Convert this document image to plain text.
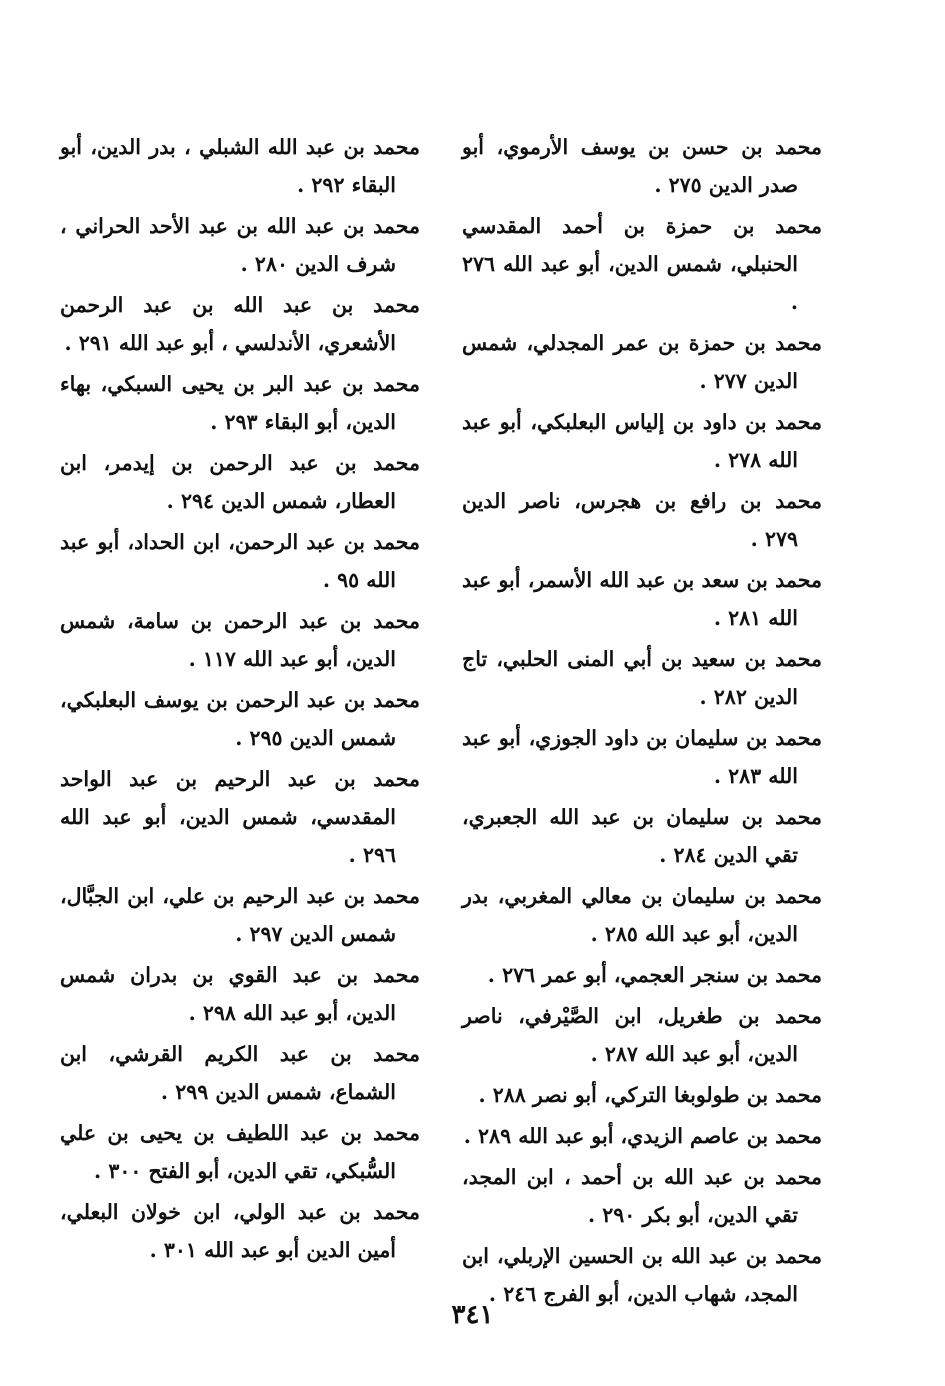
محمد بن حسن بن يوسف الأرموي، أبو صدر الدين ٢٧٥ .

محمد بن حمزة بن أحمد المقدسي الحنبلي، شمس الدين، أبو عبد الله ٢٧٦ .

محمد بن حمزة بن عمر المجدلي، شمس الدين ٢٧٧ .

محمد بن داود بن إلياس البعلبكي، أبو عبد الله ٢٧٨ .

محمد بن رافع بن هجرس، ناصر الدين ٢٧٩ .

محمد بن سعد بن عبد الله الأسمر، أبو عبد الله ٢٨١ .

محمد بن سعيد بن أبي المنى الحلبي، تاج الدين ٢٨٢ .

محمد بن سليمان بن داود الجوزي، أبو عبد الله ٢٨٣ .

محمد بن سليمان بن عبد الله الجعبري، تقي الدين ٢٨٤ .

محمد بن سليمان بن معالي المغربي، بدر الدين، أبو عبد الله ٢٨٥ .

محمد بن سنجر العجمي، أبو عمر ٢٧٦ .

محمد بن طغريل، ابن الصَّيْرفي، ناصر الدين، أبو عبد الله ٢٨٧ .

محمد بن طولوبغا التركي، أبو نصر ٢٨٨ .

محمد بن عاصم الزيدي، أبو عبد الله ٢٨٩ .

محمد بن عبد الله بن أحمد ، ابن المجد، تقي الدين، أبو بكر ٢٩٠ .

محمد بن عبد الله بن الحسين الإربلي، ابن المجد، شهاب الدين، أبو الفرج ٢٤٦ .

محمد بن عبد الله الشبلي ، بدر الدين، أبو البقاء ٢٩٢ .

محمد بن عبد الله بن عبد الأحد الحراني ، شرف الدين ٢٨٠ .

محمد بن عبد الله بن عبد الرحمن الأشعري، الأندلسي ، أبو عبد الله ٢٩١ .

محمد بن عبد البر بن يحيى السبكي، بهاء الدين، أبو البقاء ٢٩٣ .

محمد بن عبد الرحمن بن إيدمر، ابن العطار، شمس الدين ٢٩٤ .

محمد بن عبد الرحمن، ابن الحداد، أبو عبد الله ٩٥ .

محمد بن عبد الرحمن بن سامة، شمس الدين، أبو عبد الله ١١٧ .

محمد بن عبد الرحمن بن يوسف البعلبكي، شمس الدين ٢٩٥ .

محمد بن عبد الرحيم بن عبد الواحد المقدسي، شمس الدين، أبو عبد الله ٢٩٦ .

محمد بن عبد الرحيم بن علي، ابن الجبَّال، شمس الدين ٢٩٧ .

محمد بن عبد القوي بن بدران شمس الدين، أبو عبد الله ٢٩٨ .

محمد بن عبد الكريم القرشي، ابن الشماع، شمس الدين ٢٩٩ .

محمد بن عبد اللطيف بن يحيى بن علي السُّبكي، تقي الدين، أبو الفتح ٣٠٠ .

محمد بن عبد الولي، ابن خولان البعلي، أمين الدين أبو عبد الله ٣٠١ .

٣٤١
